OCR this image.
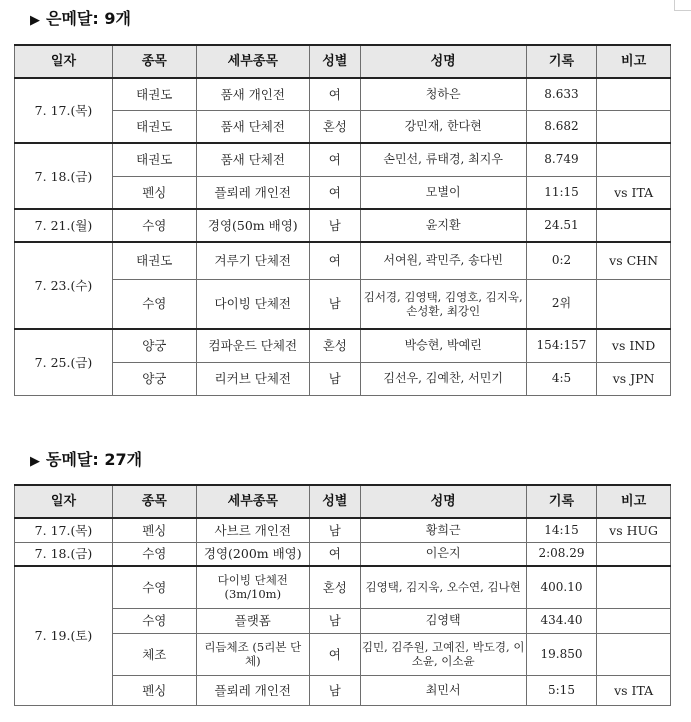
▶ 은메달: 9개
일자	종목	세부종목	성별	성명	기록	비고
7. 17.(목)	태권도	품새 개인전	여	청하은	8.633	
	태권도	품새 단체전	혼성	강민재, 한다현	8.682	
7. 18.(금)	태권도	품새 단체전	여	손민선, 류태경, 최지우	8.749	
	펜싱	플뢰레 개인전	여	모별이	11:15	vs ITA
7. 21.(월)	수영	경영(50m 배영)	남	윤지환	24.51	
7. 23.(수)	태권도	겨루기 단체전	여	서여원, 곽민주, 송다빈	0:2	vs CHN
	수영	다이빙 단체전	남	김서경, 김영택, 김영호, 김지욱, 손성환, 최강인	2위	
7. 25.(금)	양궁	컴파운드 단체전	혼성	박승현, 박예린	154:157	vs IND
	양궁	리커브 단체전	남	김선우, 김예찬, 서민기	4:5	vs JPN
▶ 동메달: 27개
일자	종목	세부종목	성별	성명	기록	비고
7. 17.(목)	펜싱	사브르 개인전	남	황희근	14:15	vs HUG
7. 18.(금)	수영	경영(200m 배영)	여	이은지	2:08.29	
7. 19.(토)	수영	다이빙 단체전 (3m/10m)	혼성	김영택, 김지욱, 오수연, 김나현	400.10	
	수영	플랫폼	남	김영택	434.40	
	체조	리듬체조 (5리본 단체)	여	김민, 김주원, 고예진, 박도경, 이소윤, 이소윤	19.850	
	펜싱	플뢰레 개인전	남	최민서	5:15	vs ITA
